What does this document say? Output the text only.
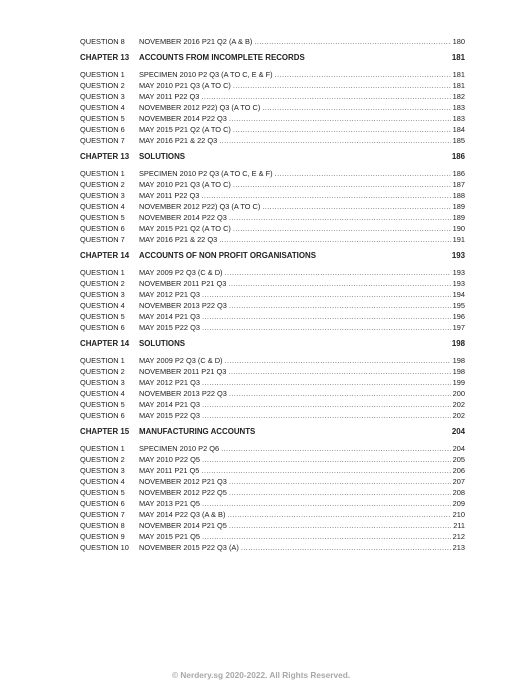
QUESTION 8	NOVEMBER 2016 P21 Q2 (A & B) .....	180
CHAPTER 13	ACCOUNTS FROM INCOMPLETE RECORDS	181
QUESTION 1	SPECIMEN 2010 P2 Q3 (A TO C, E & F) .....	181
QUESTION 2	MAY 2010 P21 Q3 (A TO C) .....	181
QUESTION 3	MAY 2011 P22 Q3 .....	182
QUESTION 4	NOVEMBER 2012 P22) Q3 (A TO C) .....	183
QUESTION 5	NOVEMBER 2014 P22 Q3 .....	183
QUESTION 6	MAY 2015 P21 Q2 (A TO C) .....	184
QUESTION 7	MAY 2016 P21 & 22 Q3 .....	185
CHAPTER 13	SOLUTIONS	186
QUESTION 1	SPECIMEN 2010 P2 Q3 (A TO C, E & F) .....	186
QUESTION 2	MAY 2010 P21 Q3 (A TO C) .....	187
QUESTION 3	MAY 2011 P22 Q3 .....	188
QUESTION 4	NOVEMBER 2012 P22) Q3 (A TO C) .....	189
QUESTION 5	NOVEMBER 2014 P22 Q3 .....	189
QUESTION 6	MAY 2015 P21 Q2 (A TO C) .....	190
QUESTION 7	MAY 2016 P21 & 22 Q3 .....	191
CHAPTER 14	ACCOUNTS OF NON PROFIT ORGANISATIONS	193
QUESTION 1	MAY 2009 P2 Q3 (C & D) .....	193
QUESTION 2	NOVEMBER 2011 P21 Q3 .....	193
QUESTION 3	MAY 2012 P21 Q3 .....	194
QUESTION 4	NOVEMBER 2013 P22 Q3 .....	195
QUESTION 5	MAY 2014 P21 Q3 .....	196
QUESTION 6	MAY 2015 P22 Q3 .....	197
CHAPTER 14	SOLUTIONS	198
QUESTION 1	MAY 2009 P2 Q3 (C & D) .....	198
QUESTION 2	NOVEMBER 2011 P21 Q3 .....	198
QUESTION 3	MAY 2012 P21 Q3 .....	199
QUESTION 4	NOVEMBER 2013 P22 Q3 .....	200
QUESTION 5	MAY 2014 P21 Q3 .....	202
QUESTION 6	MAY 2015 P22 Q3 .....	202
CHAPTER 15	MANUFACTURING ACCOUNTS	204
QUESTION 1	SPECIMEN 2010 P2 Q6 .....	204
QUESTION 2	MAY 2010 P22 Q5 .....	205
QUESTION 3	MAY 2011 P21 Q5 .....	206
QUESTION 4	NOVEMBER 2012 P21 Q3 .....	207
QUESTION 5	NOVEMBER 2012 P22 Q5 .....	208
QUESTION 6	MAY 2013 P21 Q5 .....	209
QUESTION 7	MAY 2014 P22 Q3 (A & B) .....	210
QUESTION 8	NOVEMBER 2014 P21 Q5 .....	211
QUESTION 9	MAY 2015 P21 Q5 .....	212
QUESTION 10	NOVEMBER 2015 P22 Q3 (A) .....	213
© Nerdery.sg 2020-2022. All Rights Reserved.
